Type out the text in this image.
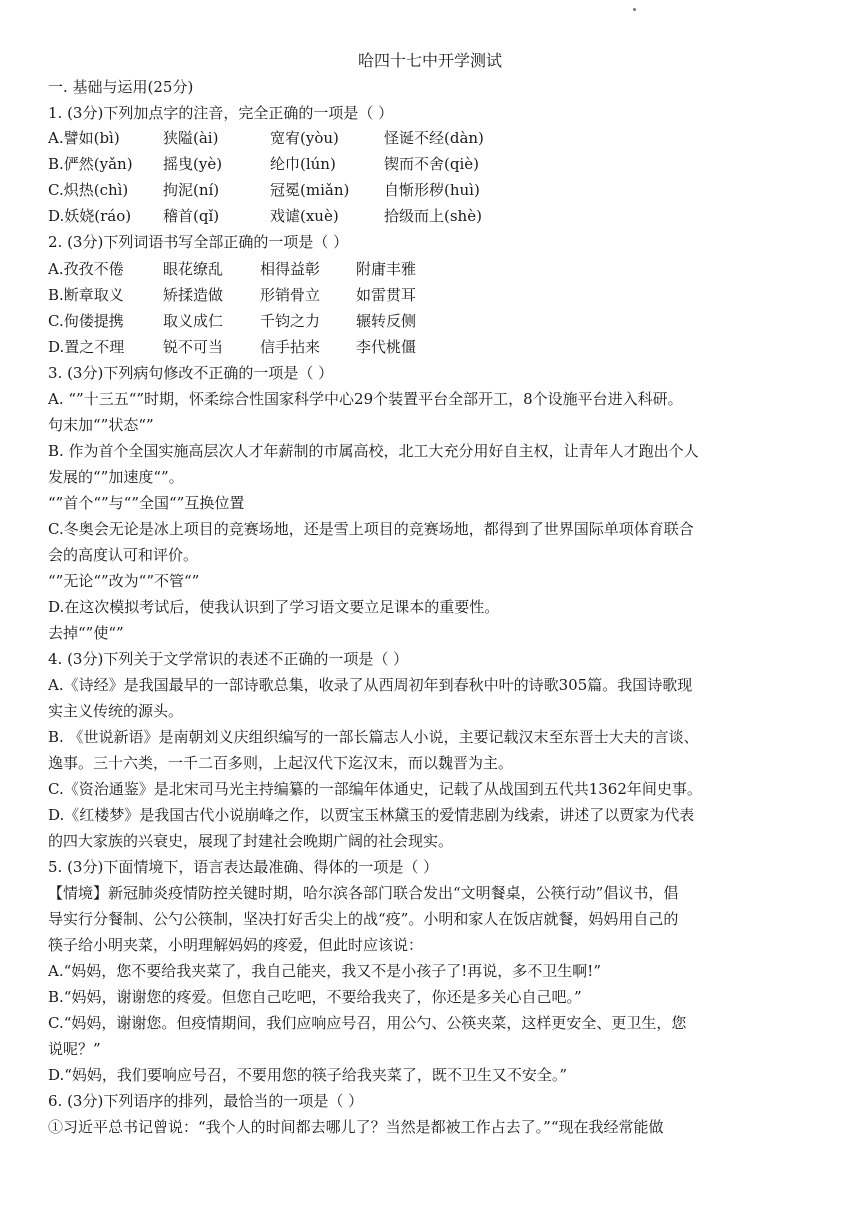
哈四十七中开学测试
一. 基础与运用(25分)
1. (3分)下列加点字的注音，完全正确的一项是（ ）
A.譬如(bì)	狭隘(ài)	宽宥(yòu)	怪诞不经(dàn)
B.俨然(yǎn) 摇曳(yè)	纶巾(lún)	锲而不舍(qiè)
C.炽热(chì) 拘泥(ní)	冠冕(miǎn) 自惭形秽(huì)
D.妖娆(ráo) 稽首(qǐ)	戏谑(xuè)	拾级而上(shè)
2. (3分)下列词语书写全部正确的一项是（ ）
A.孜孜不倦	眼花缭乱 相得益彰 附庸丰雅
B.断章取义	矫揉造做 形销骨立 如雷贯耳
C.佝偻提携	取义成仁 千钧之力 辗转反侧
D.置之不理	锐不可当 信手拈来 李代桃僵
3. (3分)下列病句修改不正确的一项是（ ）
A. “”十三五“”时期，怀柔综合性国家科学中心29个装置平台全部开工，8个设施平台进入科研。
句末加“”状态“”
B. 作为首个全国实施高层次人才年薪制的市属高校，北工大充分用好自主权，让青年人才跑出个人
发展的“”加速度“”。
“”首个“”与“”全国“”互换位置
C.冬奥会无论是冰上项目的竞赛场地，还是雪上项目的竞赛场地，都得到了世界国际单项体育联合
会的高度认可和评价。
“”无论“”改为“”不管“”
D.在这次模拟考试后，使我认识到了学习语文要立足课本的重要性。
去掉“”使“”
4. (3分)下列关于文学常识的表述不正确的一项是（ ）
A.《诗经》是我国最早的一部诗歌总集，收录了从西周初年到春秋中叶的诗歌305篇。我国诗歌现
实主义传统的源头。
B. 《世说新语》是南朝刘义庆组织编写的一部长篇志人小说，主要记载汉末至东晋士大夫的言谈、
逸事。三十六类，一千二百多则，上起汉代下迄汉末，而以魏晋为主。
C.《资治通鉴》是北宋司马光主持编纂的一部编年体通史，记载了从战国到五代共1362年间史事。
D.《红楼梦》是我国古代小说崩峰之作，以贾宝玉林黛玉的爱情悲剧为线索，讲述了以贾家为代表
的四大家族的兴衰史，展现了封建社会晚期广阔的社会现实。
5. (3分)下面情境下，语言表达最准确、得体的一项是（ ）
【情境】新冠肺炎疫情防控关键时期，哈尔滨各部门联合发出“文明餐桌，公筷行动”倡议书，倡
导实行分餐制、公勺公筷制，坚决打好舌尖上的战“疫”。小明和家人在饭店就餐，妈妈用自己的
筷子给小明夹菜，小明理解妈妈的疼爱，但此时应该说：
A.“妈妈，您不要给我夹菜了，我自己能夹，我又不是小孩子了!再说，多不卫生啊!”
B.“妈妈，谢谢您的疼爱。但您自己吃吧，不要给我夹了，你还是多关心自己吧。”
C.“妈妈，谢谢您。但疫情期间，我们应响应号召，用公勺、公筷夹菜，这样更安全、更卫生，您
说呢？”
D.“妈妈，我们要响应号召，不要用您的筷子给我夹菜了，既不卫生又不安全。”
6. (3分)下列语序的排列，最恰当的一项是（ ）
①习近平总书记曾说：“我个人的时间都去哪儿了？当然是都被工作占去了。”“现在我经常能做
